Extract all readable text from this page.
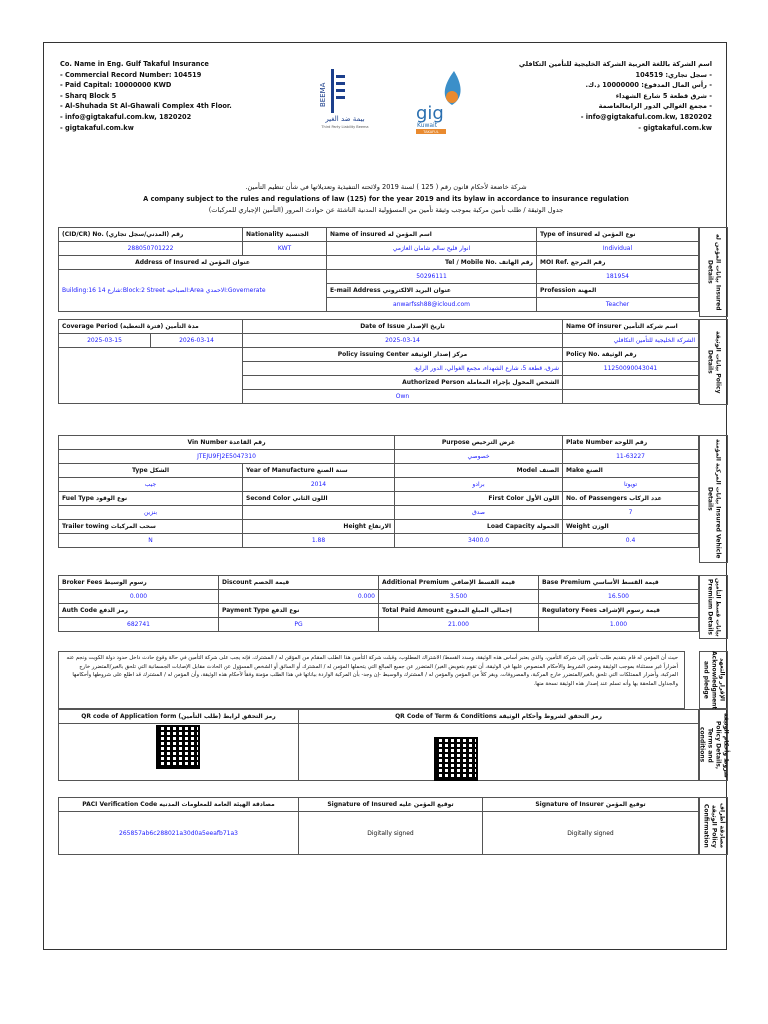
Co. Name in Eng. Gulf Takaful Insurance
- Commercial Record Number: 104519
- Paid Capital: 10000000 KWD
- Sharq Block 5
- Al-Shuhada St Al-Ghawali Complex 4th Floor.
- info@gigtakaful.com.kw, 1820202
- gigtakaful.com.kw
BEEMA
بيمة ضد الغير
Third Party Liability Beema
gig
Kuwait
TAKAFUL
اسم الشركة باللغة العربية الشركة الخليجية للتأمين التكافلي
- سجل تجاري: 104519
- رأس المال المدفوع: 10000000 د.ك.
- شرق قطعة 5 شارع الشهداء
- مجمع الغوالي الدور الرابعالعاصمة
info@gigtakaful.com.kw, 1820202 -
gigtakaful.com.kw -
شركة خاضعة لأحكام قانون رقم ( 125 ) لسنة 2019 ولائحته التنفيذية وتعديلاتها في شأن تنظيم التأمين.
A company subject to the rules and regulations of law (125) for the year 2019 and its bylaw in accordance to insurance regulation
جدول الوثيقة / طلب تأمين مركبة بموجب وثيقة تأمين من المسؤولية المدنية الناشئة عن حوادث المرور (التأمين الإجباري للمركبات)
(CID/CR) No. رقم (المدني/سجل تجاري)	Nationality الجنسية	Name of insured اسم المؤمن له	Type of insured نوع المؤمن له
288050701222	KWT	انوار فليح سالم شامان العازمي	Individual
Address of Insured عنوان المؤمن له		Tel / Mobile No. رقم الهاتف	MOI Ref. رقم المرجع
Building:16 14 شارع:Block:2 Street الصباحيه:Area الاحمدي:Governerate		50296111	181954
		E-mail Address عنوان البريد الالكتروني	Profession المهنة
		anwarfssh88@icloud.com	Teacher
بيانات المؤمن له Insured Details
Coverage Period مدة التأمين (فترة التغطية)		Date of Issue تاريخ الإصدار	Name Of insurer اسم شركة التأمين
2025-03-15	2026-03-14	2025-03-14	الشركة الخليجية للتأمين التكافلي
		Policy issuing Center مركز إصدار الوثيقة	Policy No. رقم الوثيقة
		شرق، قطعة 5، شارع الشهداء، مجمع الغوالي، الدور الرابع.	11250090043041
		Authorized Person الشخص المخول بإجراء المعاملة	
		Own	
بيانات الوثيقة Policy Details
Vin Number رقم القاعدة		Purpose غرض الترخيص	Plate Number رقم اللوحة
JTEJU9FJ2E5047310		خصوصي	11-63227
Type الشكل	Year of Manufacture سنة الصنع	Model الصنف	Make الصنع
جيب	2014	برادو	تويوتا
Fuel Type نوع الوقود	Second Color اللون الثاني	First Color اللون الأول	No. of Passengers عدد الركاب
بنزين		صدق	7
Trailer towing سحب المركبات	Height الارتفاع	Load Capacity الحمولة	Weight الوزن
N	1.88	3400.0	0.4
بيانات المركبة المؤمنة Insured Vehicle Details
Broker Fees رسوم الوسيط	Discount قيمة الخصم	Additional Premium قيمة القسط الإضافي	Base Premium قيمة القسط الأساسي
0.000	0.000	3.500	16.500
Auth Code رمز الدفع	Payment Type نوع الدفع	Total Paid Amount إجمالي المبلغ المدفوع	Regulatory Fees قيمة رسوم الإشراف
682741	PG	21.000	1.000	بيانات قسط التأمين Premium Details
حيث أن المؤمن له قام بتقديم طلب تأمين إلى شركة التأمين، والذي يعتبر أساس هذه الوثيقة، وسدد القسط/ الاشتراك المطلوب، وقبلت شركة التأمين هذا الطلب المقدّم من المؤمّن له / المشترك، فإنه يجب على شركة التأمين في حالة وقوع حادث داخل حدود دولة الكويت ونجم عنه أضراراً غير مستثناة بموجب الوثيقة وضمن الشروط والأحكام المنصوص عليها في الوثيقة، أن تقوم بتعويض الغير/ المتضرر عن جميع المبالغ التي يتحملها المؤمن له / المشترك أو السائق أو الشخص المسؤول عن الحادث مقابل الإصابات الجسمانية التي تلحق بالغير/المتضرر خارج المركبة، وأضرار الممتلكات التي تلحق بالغير/المتضرر خارج المركبة، والمصروفات. ويقر كلاً من المؤمن والمؤمن له / المشترك والوسيط -إن وجد- بأن المركبة الواردة بياناتها في هذا الطلب مؤمنة وفقاً لأحكام هذه الوثيقة، وأن المؤمن له / المشترك قد اطلع على شروطها وأحكامها والجداول الملحقة بها وأنه تسلم عند إصدار هذه الوثيقة نسخة منها.	الإقرار والتعهد Acknowledgment and pledge
QR code of Application form رمز التحقق لرابط (طلب التأمين)	QR Code of Term & Conditions رمز التحقق لشروط وأحكام الوثيقة
		شروط وأحكام الوثيقة Policy Details, Terms and conditions
PACI Verification Code مصادقة الهيئة العامة للمعلومات المدنيه	Signature of Insured توقيع المؤمن عليه	Signature of Insurer توقيع المؤمن
265857ab6c288021a30d0a5eeafb71a3	Digitally signed	Digitally signed	مصادقة أطراف الوثيقة Policy Confirmation
